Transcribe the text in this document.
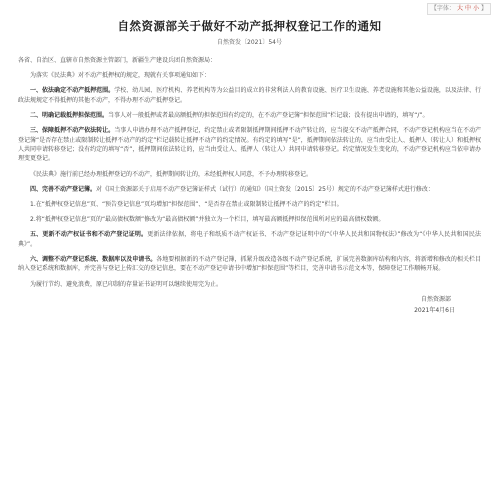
【字体： 大 中 小 】
自然资源部关于做好不动产抵押权登记工作的通知
自然资发〔2021〕54号

各省、自治区、直辖市自然资源主管部门，新疆生产建设兵团自然资源局：

为落实《民法典》对不动产抵押权的规定，现就有关事项通知如下：

一、依法确定不动产抵押范围。学校、幼儿园、医疗机构、养老机构等为公益目的成立的非营利法人的教育设施、医疗卫生设施、养老设施和其他公益设施，以及法律、行政法规规定不得抵押的其他不动产，不得办理不动产抵押登记。

二、明确记载抵押担保范围。当事人对一般抵押或者最高额抵押的担保范围有约定的，在不动产登记簿“担保范围”栏记载；没有提出申请的，填写“/”。

三、保障抵押不动产依法转让。当事人申请办理不动产抵押登记，约定禁止或者限制抵押期间抵押不动产转让的，应当提交不动产抵押合同，不动产登记机构应当在不动产登记簿“是否存在禁止或限制转让抵押不动产的约定”栏记载转让抵押不动产的约定情况。有约定的填写“是”，抵押期间依法转让的，应当由受让人、抵押人（转让人）和抵押权人共同申请转移登记；没有约定的填写“否”，抵押期间依法转让的，应当由受让人、抵押人（转让人）共同申请转移登记。约定情况发生变化的，不动产登记机构应当依申请办理变更登记。

《民法典》施行前已经办理抵押登记的不动产，抵押期间转让的，未经抵押权人同意，不予办理转移登记。

四、完善不动产登记簿。对《国土资源部关于启用不动产登记簿证样式（试行）的通知》（国土资发〔2015〕25号）规定的不动产登记簿样式进行修改：

1.在“抵押权登记信息”页、“预告登记信息”页均增加“担保范围”、“是否存在禁止或限制转让抵押不动产的约定”栏目。

2.将“抵押权登记信息”页的“最高债权数额”修改为“最高债权额”并独立为一个栏目，填写最高额抵押担保范围所对应的最高债权数额。

五、更新不动产权证书和不动产登记证明。更新法律依据，将电子和纸质不动产权证书、不动产登记证明中的“《中华人民共和国物权法》”修改为“《中华人民共和国民法典》”。

六、调整不动产登记系统、数据库以及申请书。各地要根据新的不动产登记簿，抓紧升级改造各级不动产登记系统，扩展完善数据库结构和内容，将新增和修改的相关栏目纳入登记系统和数据库，并完善与登记上传汇交的登记信息，要在不动产登记申请书中增加“担保范围”等栏目，完善申请书示范文本等，保障登记工作顺畅开展。

为履行节约、避免浪费，原已印制的存量证书证明可以继续使用完为止。

自然资源部

2021年4月6日
